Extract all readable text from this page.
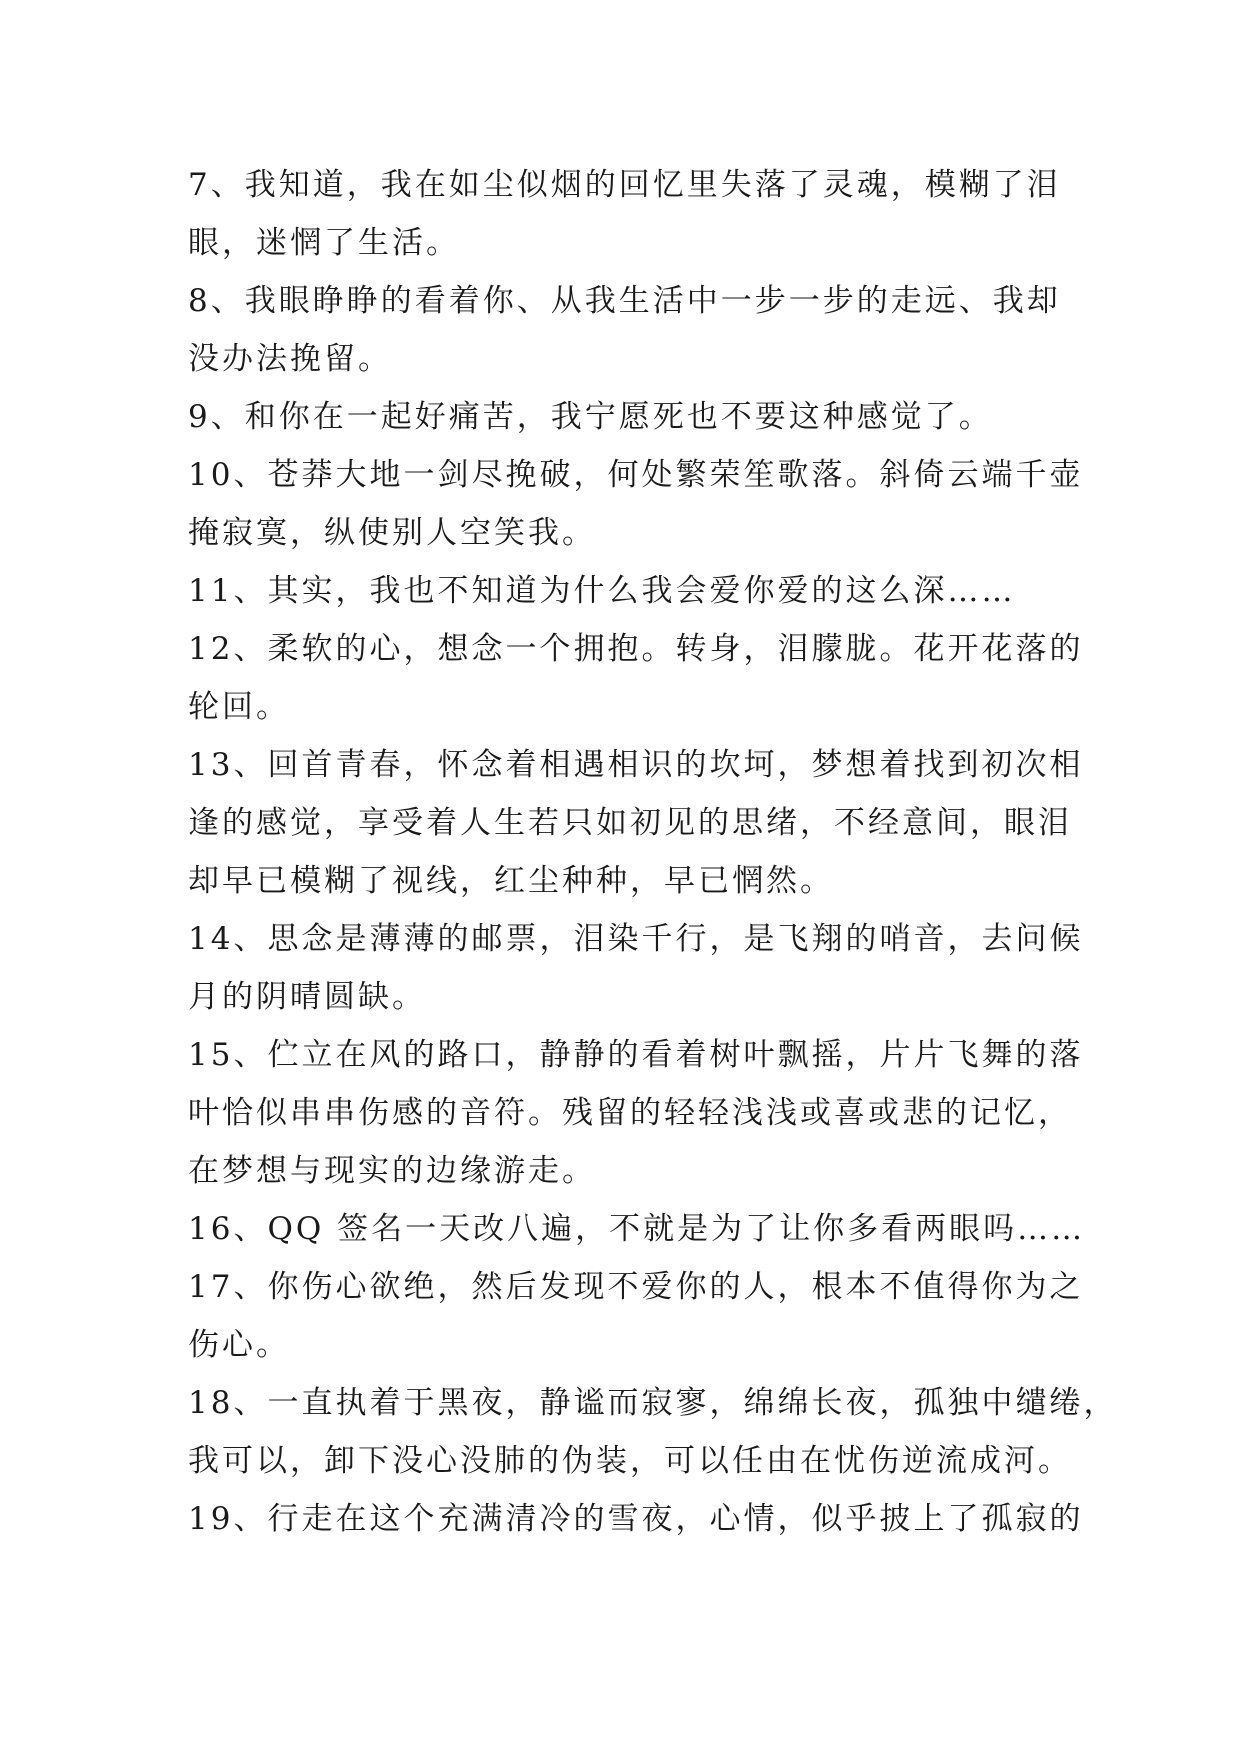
7、我知道，我在如尘似烟的回忆里失落了灵魂，模糊了泪
眼，迷惘了生活。
8、我眼睁睁的看着你、从我生活中一步一步的走远、我却
没办法挽留。
9、和你在一起好痛苦，我宁愿死也不要这种感觉了。
10、苍莽大地一剑尽挽破，何处繁荣笙歌落。斜倚云端千壶
掩寂寞，纵使别人空笑我。
11、其实，我也不知道为什么我会爱你爱的这么深……
12、柔软的心，想念一个拥抱。转身，泪朦胧。花开花落的
轮回。
13、回首青春，怀念着相遇相识的坎坷，梦想着找到初次相
逢的感觉，享受着人生若只如初见的思绪，不经意间，眼泪
却早已模糊了视线，红尘种种，早已惘然。
14、思念是薄薄的邮票，泪染千行，是飞翔的哨音，去问候
月的阴晴圆缺。
15、伫立在风的路口，静静的看着树叶飘摇，片片飞舞的落
叶恰似串串伤感的音符。残留的轻轻浅浅或喜或悲的记忆，
在梦想与现实的边缘游走。
16、QQ 签名一天改八遍，不就是为了让你多看两眼吗……
17、你伤心欲绝，然后发现不爱你的人，根本不值得你为之
伤心。
18、一直执着于黑夜，静谧而寂寥，绵绵长夜，孤独中缱绻，
我可以，卸下没心没肺的伪装，可以任由在忧伤逆流成河。
19、行走在这个充满清冷的雪夜，心情，似乎披上了孤寂的
